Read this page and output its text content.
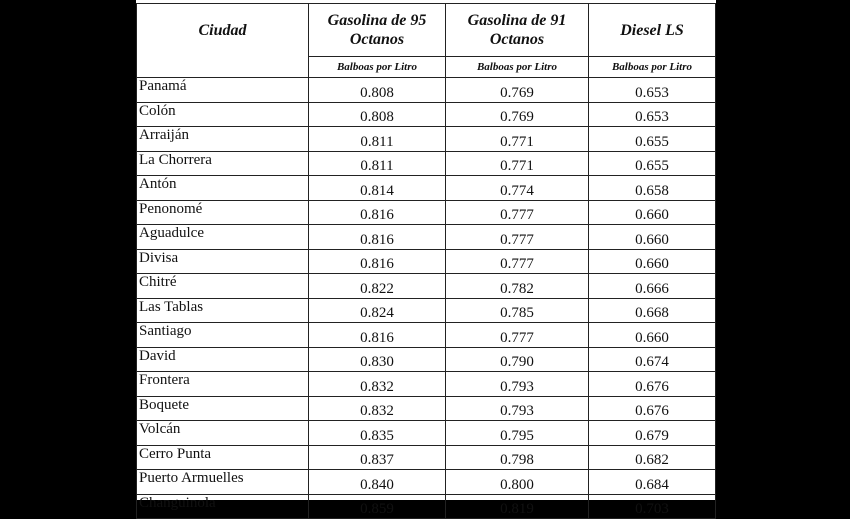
Ciudad	Gasolina de 95 Octanos	Gasolina de 91 Octanos	Diesel LS
	Balboas por Litro	Balboas por Litro	Balboas por Litro
Panamá	0.808	0.769	0.653
Colón	0.808	0.769	0.653
Arraiján	0.811	0.771	0.655
La Chorrera	0.811	0.771	0.655
Antón	0.814	0.774	0.658
Penonomé	0.816	0.777	0.660
Aguadulce	0.816	0.777	0.660
Divisa	0.816	0.777	0.660
Chitré	0.822	0.782	0.666
Las Tablas	0.824	0.785	0.668
Santiago	0.816	0.777	0.660
David	0.830	0.790	0.674
Frontera	0.832	0.793	0.676
Boquete	0.832	0.793	0.676
Volcán	0.835	0.795	0.679
Cerro Punta	0.837	0.798	0.682
Puerto Armuelles	0.840	0.800	0.684
Changuinola	0.859	0.819	0.703
